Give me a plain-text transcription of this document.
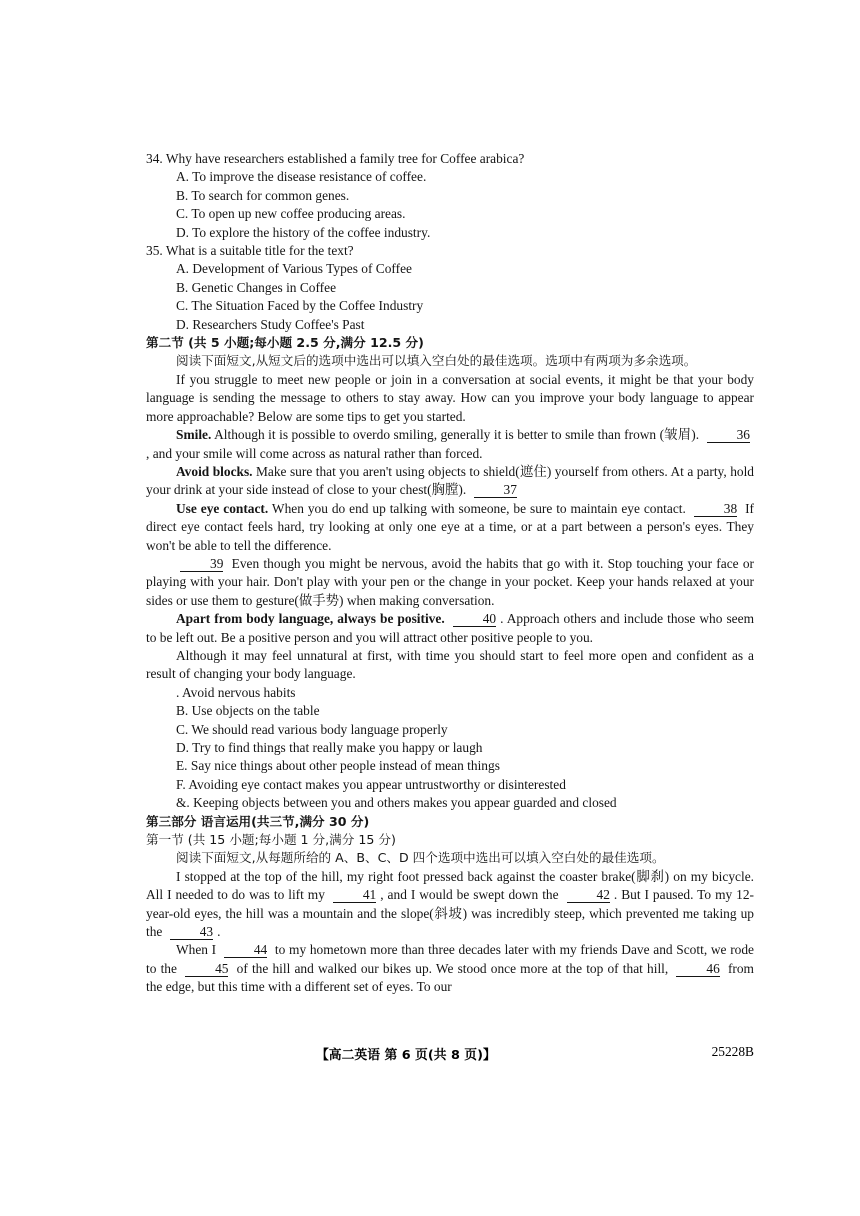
34. Why have researchers established a family tree for Coffee arabica?

A. To improve the disease resistance of coffee.

B. To search for common genes.

C. To open up new coffee producing areas.

D. To explore the history of the coffee industry.

35. What is a suitable title for the text?

A. Development of Various Types of Coffee

B. Genetic Changes in Coffee

C. The Situation Faced by the Coffee Industry

D. Researchers Study Coffee's Past

第二节 (共 5 小题;每小题 2.5 分,满分 12.5 分)

阅读下面短文,从短文后的选项中选出可以填入空白处的最佳选项。选项中有两项为多余选项。

If you struggle to meet new people or join in a conversation at social events, it might be that your body language is sending the message to others to stay away. How can you improve your body language to appear more approachable? Below are some tips to get you started.

Smile. Although it is possible to overdo smiling, generally it is better to smile than frown (皱眉).	36, and your smile will come across as natural rather than forced.

Avoid blocks. Make sure that you aren't using objects to shield(遮住) yourself from others. At a party, hold your drink at your side instead of close to your chest(胸膛).	37

Use eye contact. When you do end up talking with someone, be sure to maintain eye contact.	38 If direct eye contact feels hard, try looking at only one eye at a time, or at a part between a person's eyes. They won't be able to tell the difference.

39 Even though you might be nervous, avoid the habits that go with it. Stop touching your face or playing with your hair. Don't play with your pen or the change in your pocket. Keep your hands relaxed at your sides or use them to gesture(做手势) when making conversation.

Apart from body language, always be positive.	40 . Approach others and include those who seem to be left out. Be a positive person and you will attract other positive people to you.

Although it may feel unnatural at first, with time you should start to feel more open and confident as a result of changing your body language.

. Avoid nervous habits

B. Use objects on the table

C. We should read various body language properly

D. Try to find things that really make you happy or laugh

E. Say nice things about other people instead of mean things

F. Avoiding eye contact makes you appear untrustworthy or disinterested

&. Keeping objects between you and others makes you appear guarded and closed

第三部分 语言运用(共三节,满分 30 分)

第一节 (共 15 小题;每小题 1 分,满分 15 分)

阅读下面短文,从每题所给的 A、B、C、D 四个选项中选出可以填入空白处的最佳选项。

I stopped at the top of the hill, my right foot pressed back against the coaster brake(脚刹) on my bicycle. All I needed to do was to lift my	41 , and I would be swept down the	42 . But I paused. To my 12-year-old eyes, the hill was a mountain and the slope(斜坡) was incredibly steep, which prevented me taking up the	43 .

When I	44 to my hometown more than three decades later with my friends Dave and Scott, we rode to the	45 of the hill and walked our bikes up. We stood once more at the top of that hill,	46 from the edge, but this time with a different set of eyes. To our

【高二英语 第 6 页(共 8 页)】	25228B
